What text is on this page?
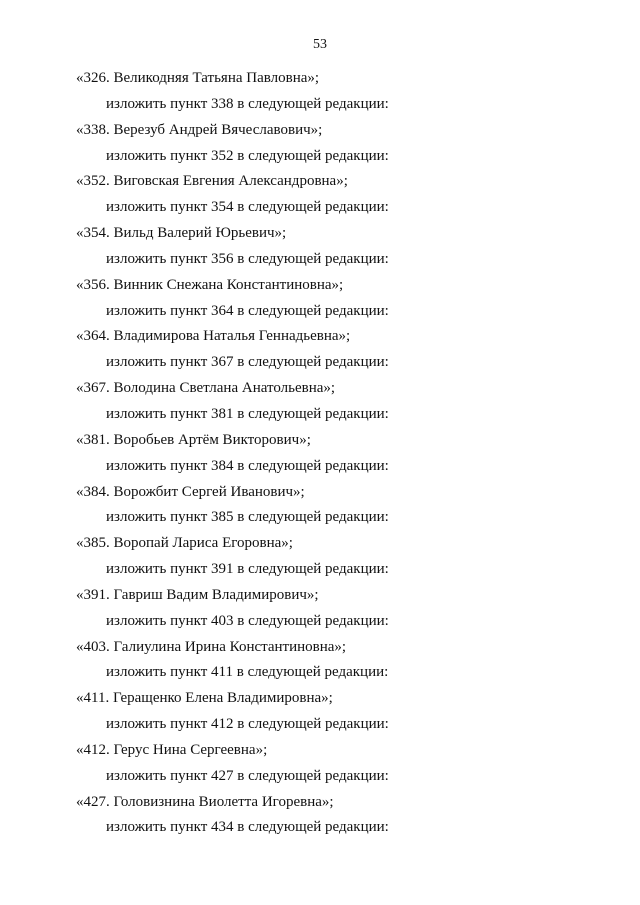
53
«326. Великодняя Татьяна Павловна»;
изложить пункт 338 в следующей редакции:
«338. Верезуб Андрей Вячеславович»;
изложить пункт 352 в следующей редакции:
«352. Виговская Евгения Александровна»;
изложить пункт 354 в следующей редакции:
«354. Вильд Валерий Юрьевич»;
изложить пункт 356 в следующей редакции:
«356. Винник Снежана Константиновна»;
изложить пункт 364 в следующей редакции:
«364. Владимирова Наталья Геннадьевна»;
изложить пункт 367 в следующей редакции:
«367. Володина Светлана Анатольевна»;
изложить пункт 381 в следующей редакции:
«381. Воробьев Артём Викторович»;
изложить пункт 384 в следующей редакции:
«384. Ворожбит Сергей Иванович»;
изложить пункт 385 в следующей редакции:
«385. Воропай Лариса Егоровна»;
изложить пункт 391 в следующей редакции:
«391. Гавриш Вадим Владимирович»;
изложить пункт 403 в следующей редакции:
«403. Галиулина Ирина Константиновна»;
изложить пункт 411 в следующей редакции:
«411. Геращенко Елена Владимировна»;
изложить пункт 412 в следующей редакции:
«412. Герус Нина Сергеевна»;
изложить пункт 427 в следующей редакции:
«427. Головизнина Виолетта Игоревна»;
изложить пункт 434 в следующей редакции:
